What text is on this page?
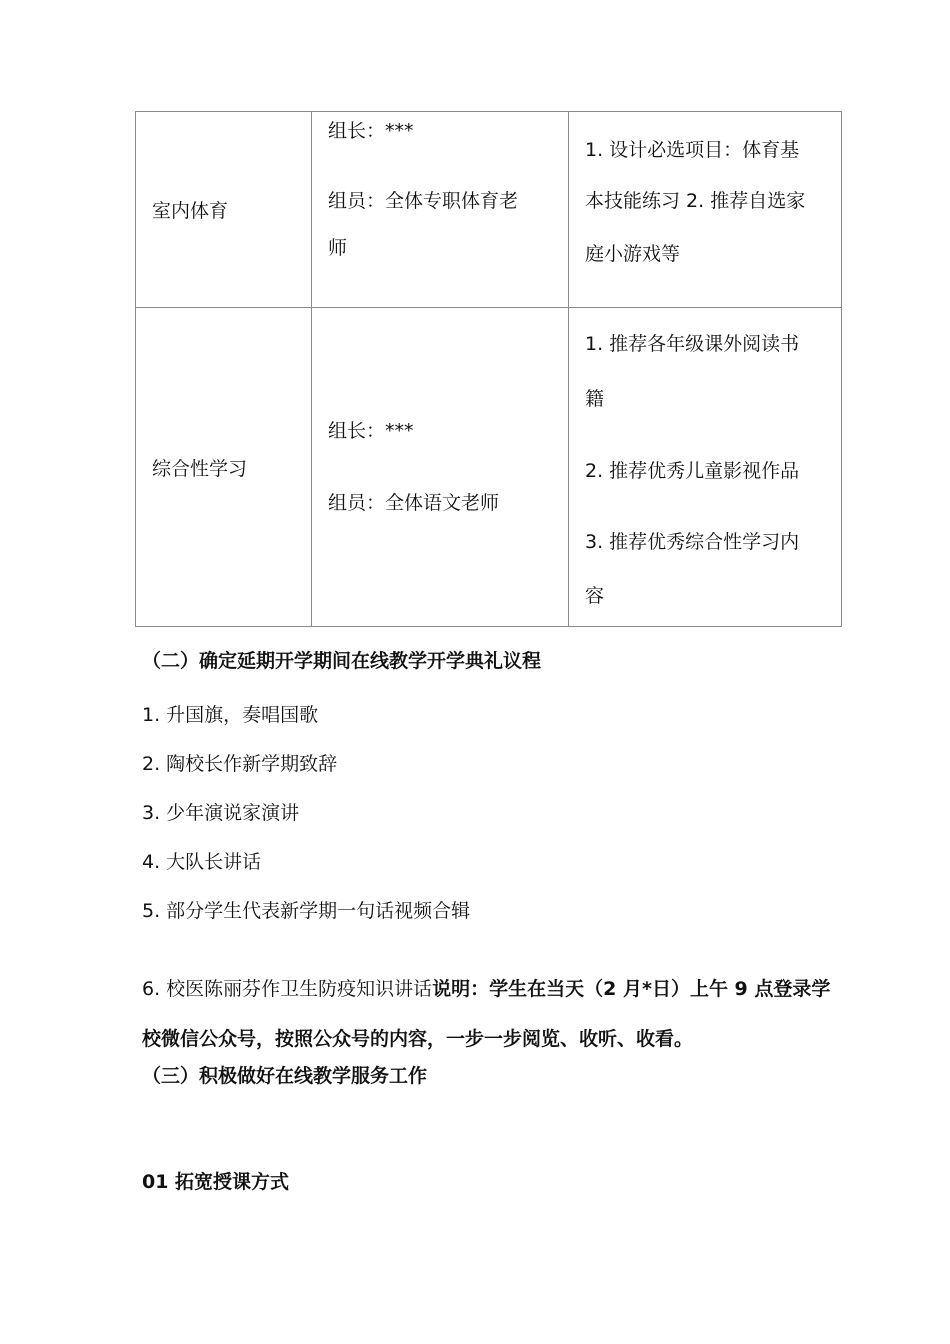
室内体育	组长：***
组员：全体专职体育老
师	1. 设计必选项目：体育基
本技能练习 2. 推荐自选家
庭小游戏等

综合性学习	组长：***
组员：全体语文老师	1. 推荐各年级课外阅读书
籍
2. 推荐优秀儿童影视作品
3. 推荐优秀综合性学习内
容

（二）确定延期开学期间在线教学开学典礼议程

1. 升国旗，奏唱国歌

2. 陶校长作新学期致辞

3. 少年演说家演讲

4. 大队长讲话

5. 部分学生代表新学期一句话视频合辑

6. 校医陈丽芬作卫生防疫知识讲话说明：学生在当天（2 月*日）上午 9 点登录学校微信公众号，按照公众号的内容，一步一步阅览、收听、收看。

（三）积极做好在线教学服务工作

01 拓宽授课方式
